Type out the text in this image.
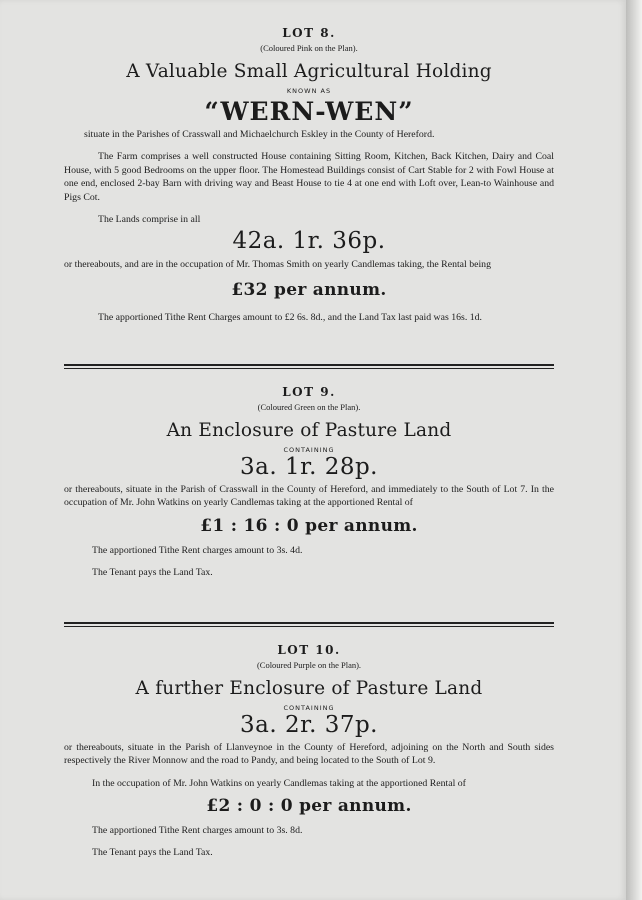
LOT 8.

(Coloured Pink on the Plan).

A Valuable Small Agricultural Holding

KNOWN AS

“WERN-WEN”

situate in the Parishes of Crasswall and Michaelchurch Eskley in the County of Hereford.

The Farm comprises a well constructed House containing Sitting Room, Kitchen, Back Kitchen, Dairy and Coal House, with 5 good Bedrooms on the upper floor. The Homestead Buildings consist of Cart Stable for 2 with Fowl House at one end, enclosed 2-bay Barn with driving way and Beast House to tie 4 at one end with Loft over, Lean-to Wainhouse and Pigs Cot.

The Lands comprise in all

42a. 1r. 36p.

or thereabouts, and are in the occupation of Mr. Thomas Smith on yearly Candlemas taking, the Rental being

£32 per annum.

The apportioned Tithe Rent Charges amount to £2 6s. 8d., and the Land Tax last paid was 16s. 1d.

LOT 9.

(Coloured Green on the Plan).

An Enclosure of Pasture Land

CONTAINING

3a. 1r. 28p.

or thereabouts, situate in the Parish of Crasswall in the County of Hereford, and immediately to the South of Lot 7. In the occupation of Mr. John Watkins on yearly Candlemas taking at the apportioned Rental of

£1 : 16 : 0 per annum.

The apportioned Tithe Rent charges amount to 3s. 4d.

The Tenant pays the Land Tax.

LOT 10.

(Coloured Purple on the Plan).

A further Enclosure of Pasture Land

CONTAINING

3a. 2r. 37p.

or thereabouts, situate in the Parish of Llanveynoe in the County of Hereford, adjoining on the North and South sides respectively the River Monnow and the road to Pandy, and being located to the South of Lot 9.

In the occupation of Mr. John Watkins on yearly Candlemas taking at the apportioned Rental of

£2 : 0 : 0 per annum.

The apportioned Tithe Rent charges amount to 3s. 8d.

The Tenant pays the Land Tax.
